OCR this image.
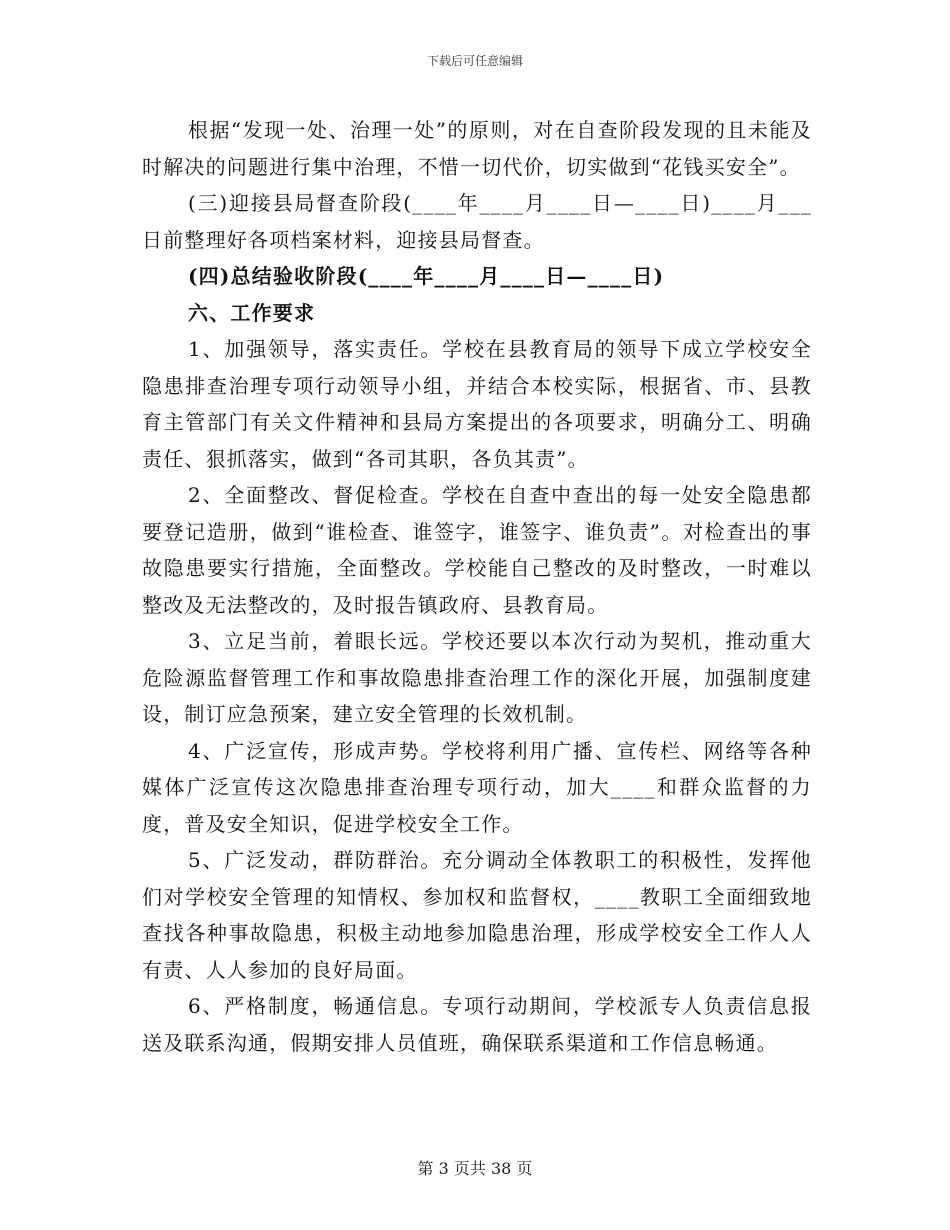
下载后可任意编辑

根据“发现一处、治理一处”的原则，对在自查阶段发现的且未能及时解决的问题进行集中治理，不惜一切代价，切实做到“花钱买安全”。

(三)迎接县局督查阶段(____年____月____日—____日)____月___日前整理好各项档案材料，迎接县局督查。

(四)总结验收阶段(____年____月____日—____日)

六、工作要求

1、加强领导，落实责任。学校在县教育局的领导下成立学校安全隐患排查治理专项行动领导小组，并结合本校实际，根据省、市、县教育主管部门有关文件精神和县局方案提出的各项要求，明确分工、明确责任、狠抓落实，做到“各司其职，各负其责”。

2、全面整改、督促检查。学校在自查中查出的每一处安全隐患都要登记造册，做到“谁检查、谁签字，谁签字、谁负责”。对检查出的事故隐患要实行措施，全面整改。学校能自己整改的及时整改，一时难以整改及无法整改的，及时报告镇政府、县教育局。

3、立足当前，着眼长远。学校还要以本次行动为契机，推动重大危险源监督管理工作和事故隐患排查治理工作的深化开展，加强制度建设，制订应急预案，建立安全管理的长效机制。

4、广泛宣传，形成声势。学校将利用广播、宣传栏、网络等各种媒体广泛宣传这次隐患排查治理专项行动，加大____和群众监督的力度，普及安全知识，促进学校安全工作。

5、广泛发动，群防群治。充分调动全体教职工的积极性，发挥他们对学校安全管理的知情权、参加权和监督权，____教职工全面细致地查找各种事故隐患，积极主动地参加隐患治理，形成学校安全工作人人有责、人人参加的良好局面。

6、严格制度，畅通信息。专项行动期间，学校派专人负责信息报送及联系沟通，假期安排人员值班，确保联系渠道和工作信息畅通。

第 3 页共 38 页
